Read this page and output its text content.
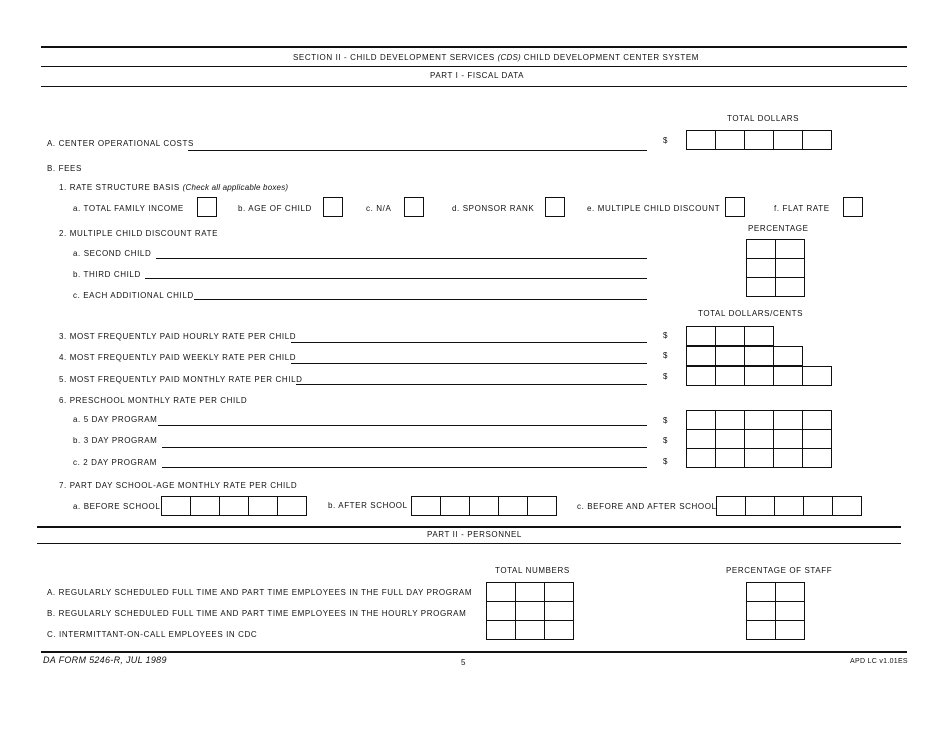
SECTION II - CHILD DEVELOPMENT SERVICES (CDS) CHILD DEVELOPMENT CENTER SYSTEM
PART I - FISCAL DATA
TOTAL DOLLARS
A. CENTER OPERATIONAL COSTS	$
B. FEES
1. RATE STRUCTURE BASIS (Check all applicable boxes)
a. TOTAL FAMILY INCOME	b. AGE OF CHILD	c. N/A	d. SPONSOR RANK	e. MULTIPLE CHILD DISCOUNT	f. FLAT RATE
2. MULTIPLE CHILD DISCOUNT RATE
PERCENTAGE
a. SECOND CHILD
b. THIRD CHILD
c. EACH ADDITIONAL CHILD
TOTAL DOLLARS/CENTS
3. MOST FREQUENTLY PAID HOURLY RATE PER CHILD	$
4. MOST FREQUENTLY PAID WEEKLY RATE PER CHILD	$
5. MOST FREQUENTLY PAID MONTHLY RATE PER CHILD	$
6. PRESCHOOL MONTHLY RATE PER CHILD
a. 5 DAY PROGRAM	$
b. 3 DAY PROGRAM	$
c. 2 DAY PROGRAM	$
7. PART DAY SCHOOL-AGE MONTHLY RATE PER CHILD
a. BEFORE SCHOOL	b. AFTER SCHOOL	c. BEFORE AND AFTER SCHOOL
PART II - PERSONNEL
TOTAL NUMBERS	PERCENTAGE OF STAFF
A. REGULARLY SCHEDULED FULL TIME AND PART TIME EMPLOYEES IN THE FULL DAY PROGRAM
B. REGULARLY SCHEDULED FULL TIME AND PART TIME EMPLOYEES IN THE HOURLY PROGRAM
C. INTERMITTANT-ON-CALL EMPLOYEES IN CDC
DA FORM 5246-R, JUL 1989	5	APD LC v1.01ES
